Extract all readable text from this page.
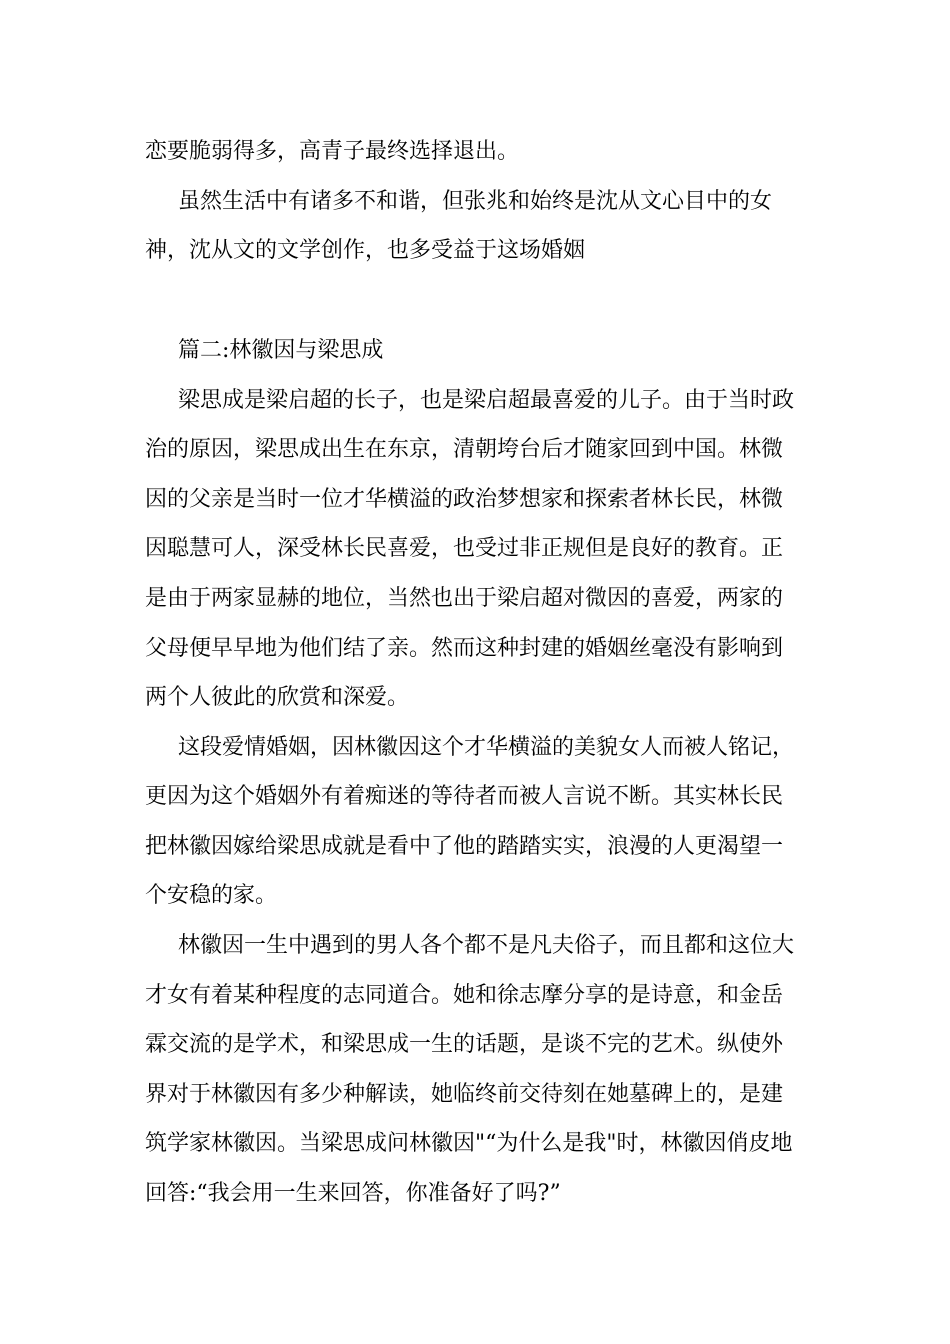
恋要脆弱得多，高青子最终选择退出。
虽然生活中有诸多不和谐，但张兆和始终是沈从文心目中的女
神，沈从文的文学创作，也多受益于这场婚姻
篇二:林徽因与梁思成
梁思成是梁启超的长子，也是梁启超最喜爱的儿子。由于当时政
治的原因，梁思成出生在东京，清朝垮台后才随家回到中国。林微
因的父亲是当时一位才华横溢的政治梦想家和探索者林长民，林微
因聪慧可人，深受林长民喜爱，也受过非正规但是良好的教育。正
是由于两家显赫的地位，当然也出于梁启超对微因的喜爱，两家的
父母便早早地为他们结了亲。然而这种封建的婚姻丝毫没有影响到
两个人彼此的欣赏和深爱。
这段爱情婚姻，因林徽因这个才华横溢的美貌女人而被人铭记，
更因为这个婚姻外有着痴迷的等待者而被人言说不断。其实林长民
把林徽因嫁给梁思成就是看中了他的踏踏实实，浪漫的人更渴望一
个安稳的家。
林徽因一生中遇到的男人各个都不是凡夫俗子，而且都和这位大
才女有着某种程度的志同道合。她和徐志摩分享的是诗意，和金岳
霖交流的是学术，和梁思成一生的话题，是谈不完的艺术。纵使外
界对于林徽因有多少种解读，她临终前交待刻在她墓碑上的，是建
筑学家林徽因。当梁思成问林徽因"“为什么是我"时，林徽因俏皮地
回答:“我会用一生来回答，你准备好了吗?”
